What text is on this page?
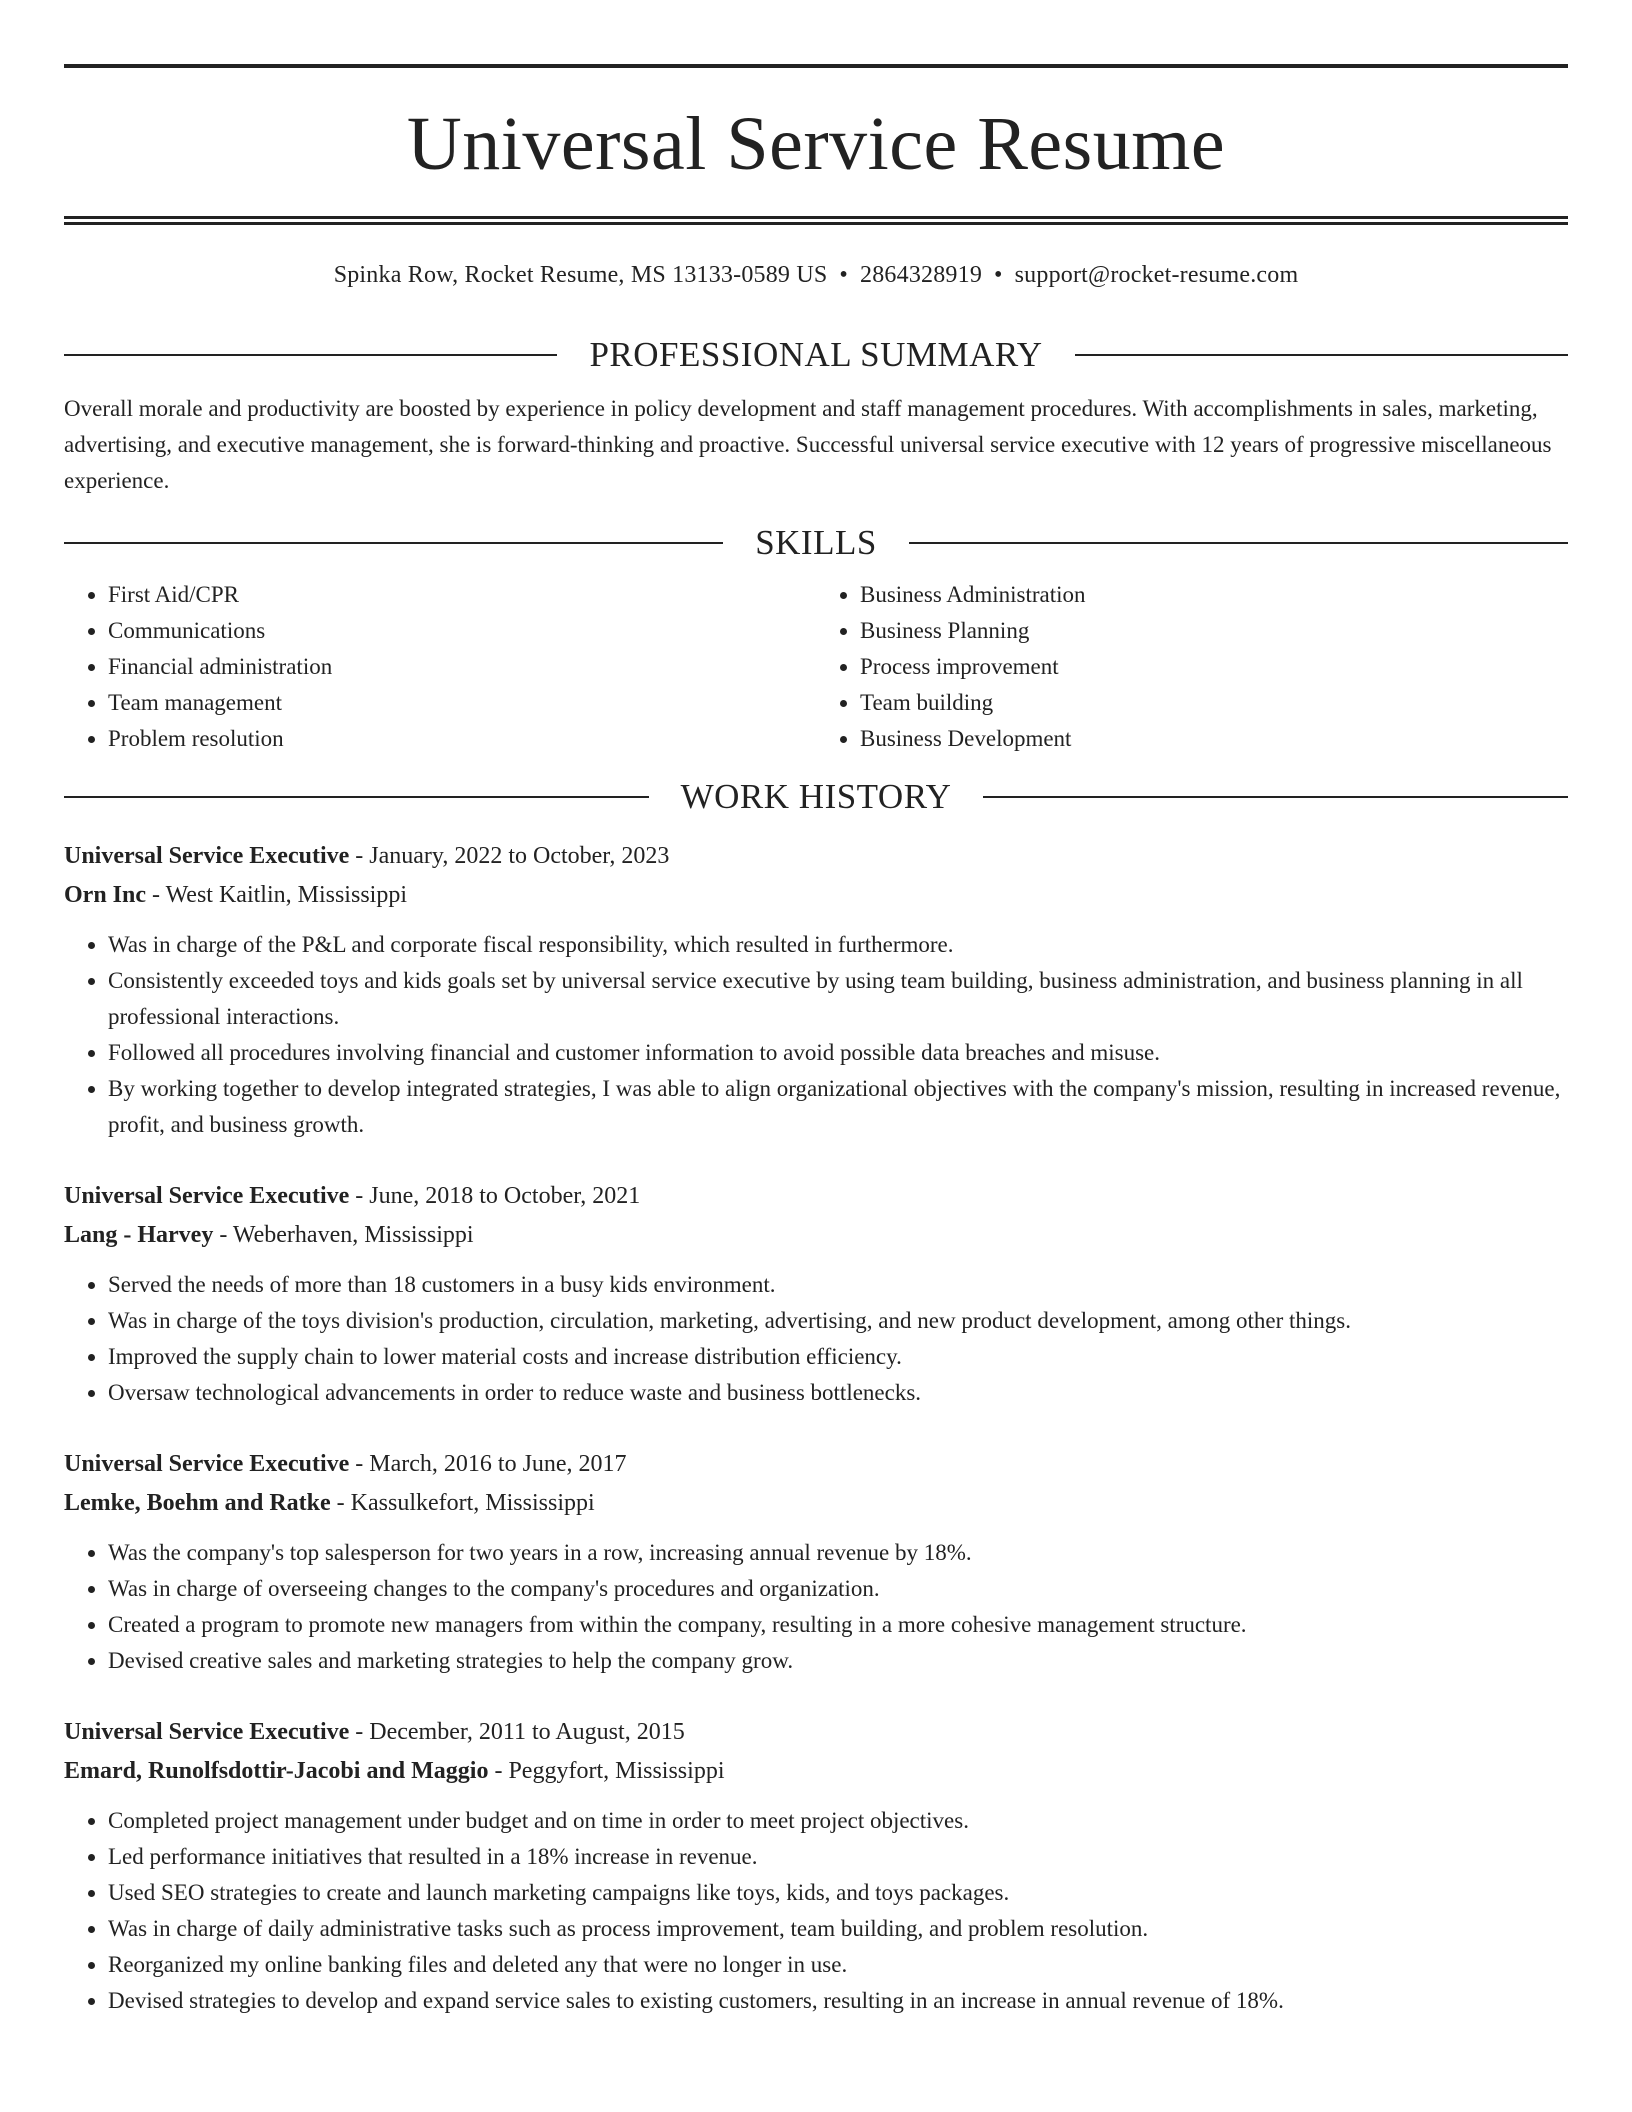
Universal Service Resume
Spinka Row, Rocket Resume, MS 13133-0589 US • 2864328919 • support@rocket-resume.com
PROFESSIONAL SUMMARY
Overall morale and productivity are boosted by experience in policy development and staff management procedures. With accomplishments in sales, marketing, advertising, and executive management, she is forward-thinking and proactive. Successful universal service executive with 12 years of progressive miscellaneous experience.
SKILLS
• First Aid/CPR
• Communications
• Financial administration
• Team management
• Problem resolution
• Business Administration
• Business Planning
• Process improvement
• Team building
• Business Development
WORK HISTORY
Universal Service Executive - January, 2022 to October, 2023
Orn Inc - West Kaitlin, Mississippi
• Was in charge of the P&L and corporate fiscal responsibility, which resulted in furthermore.
• Consistently exceeded toys and kids goals set by universal service executive by using team building, business administration, and business planning in all professional interactions.
• Followed all procedures involving financial and customer information to avoid possible data breaches and misuse.
• By working together to develop integrated strategies, I was able to align organizational objectives with the company's mission, resulting in increased revenue, profit, and business growth.
Universal Service Executive - June, 2018 to October, 2021
Lang - Harvey - Weberhaven, Mississippi
• Served the needs of more than 18 customers in a busy kids environment.
• Was in charge of the toys division's production, circulation, marketing, advertising, and new product development, among other things.
• Improved the supply chain to lower material costs and increase distribution efficiency.
• Oversaw technological advancements in order to reduce waste and business bottlenecks.
Universal Service Executive - March, 2016 to June, 2017
Lemke, Boehm and Ratke - Kassulkefort, Mississippi
• Was the company's top salesperson for two years in a row, increasing annual revenue by 18%.
• Was in charge of overseeing changes to the company's procedures and organization.
• Created a program to promote new managers from within the company, resulting in a more cohesive management structure.
• Devised creative sales and marketing strategies to help the company grow.
Universal Service Executive - December, 2011 to August, 2015
Emard, Runolfsdottir-Jacobi and Maggio - Peggyfort, Mississippi
• Completed project management under budget and on time in order to meet project objectives.
• Led performance initiatives that resulted in a 18% increase in revenue.
• Used SEO strategies to create and launch marketing campaigns like toys, kids, and toys packages.
• Was in charge of daily administrative tasks such as process improvement, team building, and problem resolution.
• Reorganized my online banking files and deleted any that were no longer in use.
• Devised strategies to develop and expand service sales to existing customers, resulting in an increase in annual revenue of 18%.
